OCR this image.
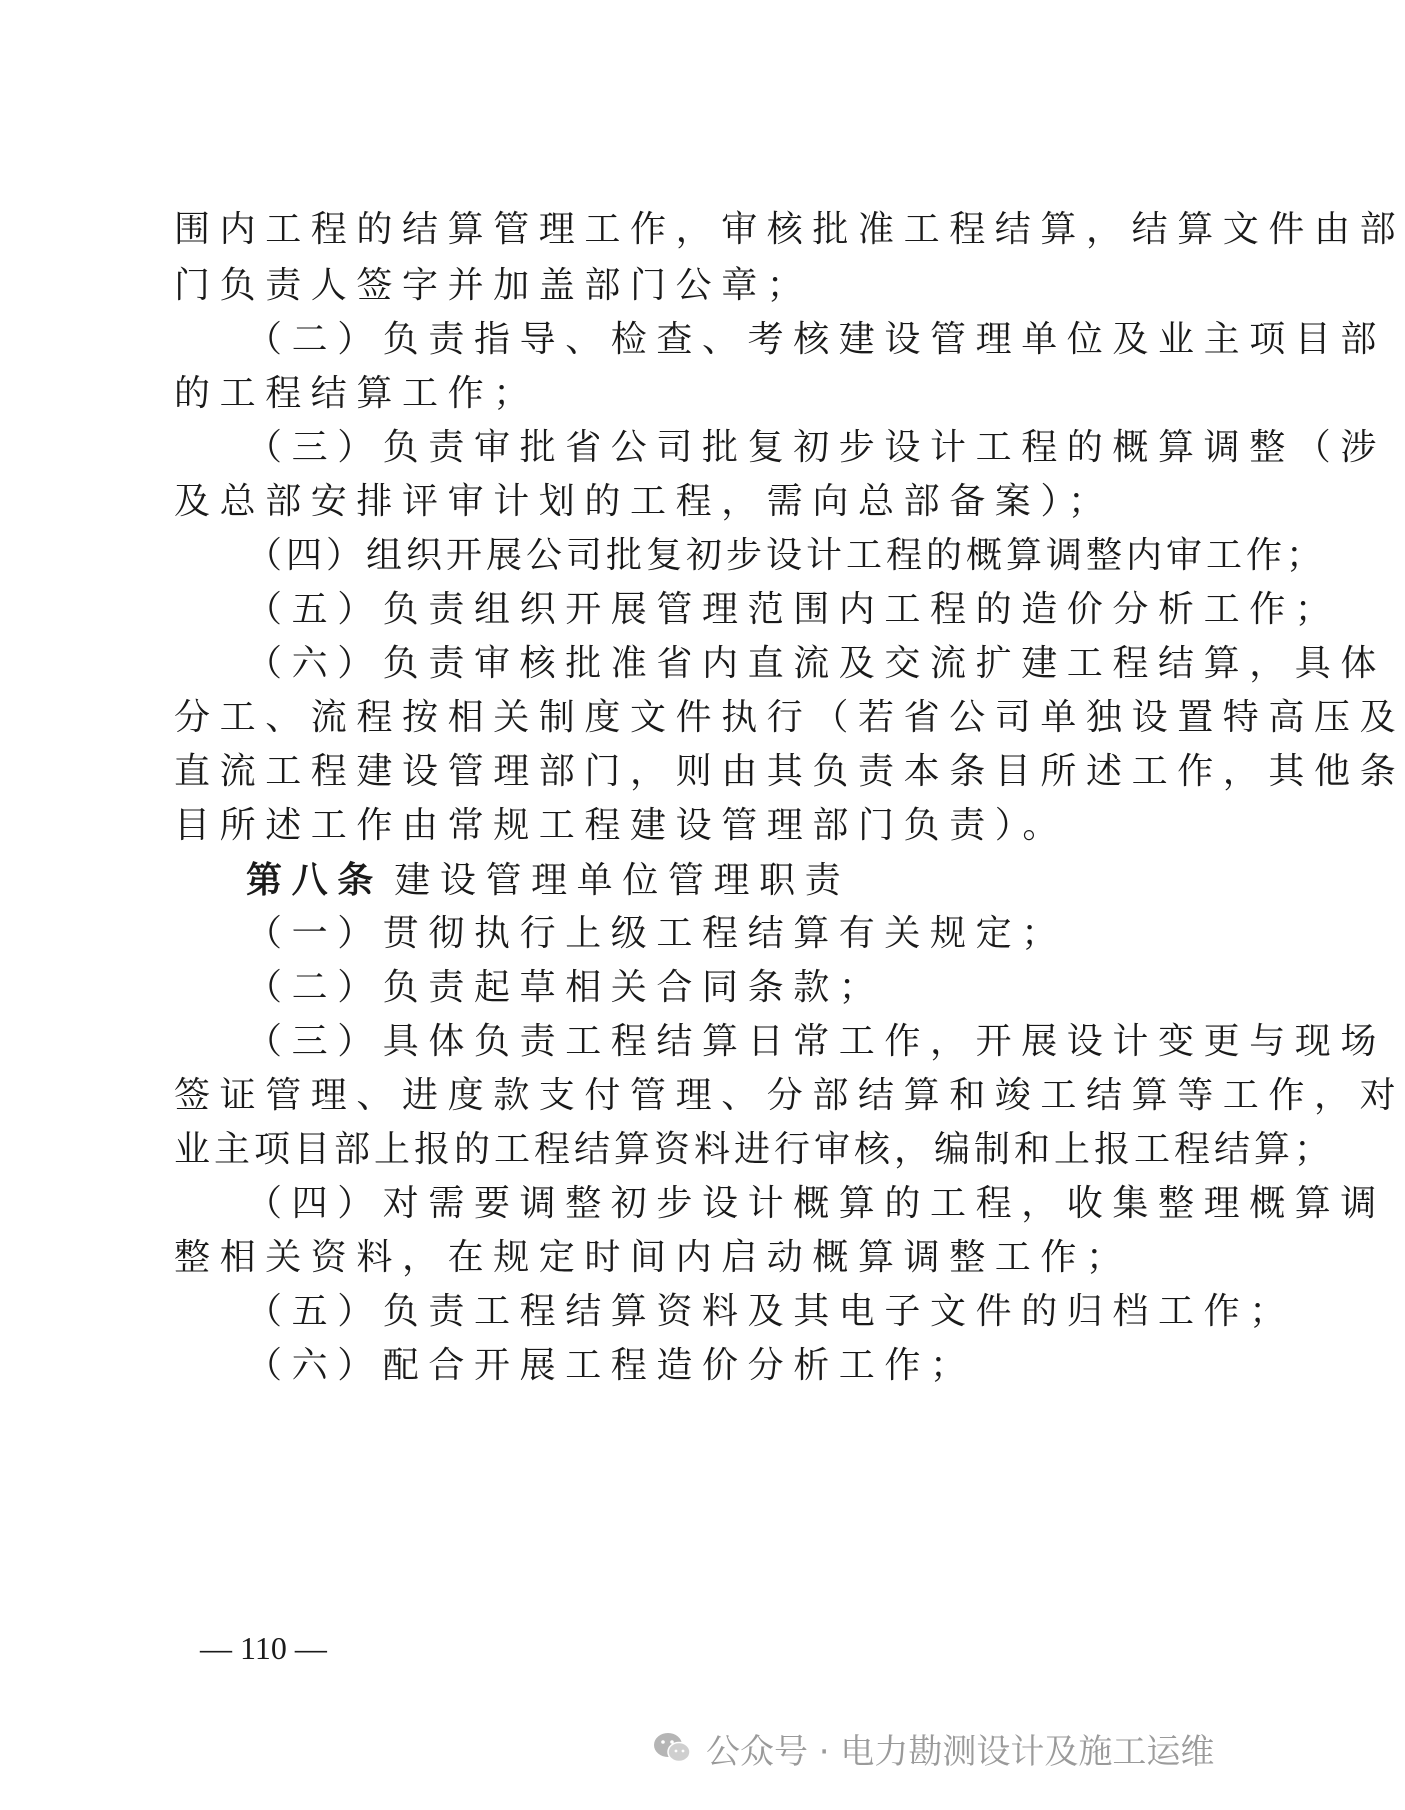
围内工程的结算管理工作，审核批准工程结算，结算文件由部
门负责人签字并加盖部门公章；
（二）负责指导、检查、考核建设管理单位及业主项目部
的工程结算工作；
（三）负责审批省公司批复初步设计工程的概算调整（涉
及总部安排评审计划的工程，需向总部备案）；
（四）组织开展公司批复初步设计工程的概算调整内审工作；
（五）负责组织开展管理范围内工程的造价分析工作；
（六）负责审核批准省内直流及交流扩建工程结算，具体
分工、流程按相关制度文件执行（若省公司单独设置特高压及
直流工程建设管理部门，则由其负责本条目所述工作，其他条
目所述工作由常规工程建设管理部门负责）。
第八条 建设管理单位管理职责
（一）贯彻执行上级工程结算有关规定；
（二）负责起草相关合同条款；
（三）具体负责工程结算日常工作，开展设计变更与现场
签证管理、进度款支付管理、分部结算和竣工结算等工作，对
业主项目部上报的工程结算资料进行审核，编制和上报工程结算；
（四）对需要调整初步设计概算的工程，收集整理概算调
整相关资料，在规定时间内启动概算调整工作；
（五）负责工程结算资料及其电子文件的归档工作；
（六）配合开展工程造价分析工作；
— 110 —
公众号 · 电力勘测设计及施工运维
